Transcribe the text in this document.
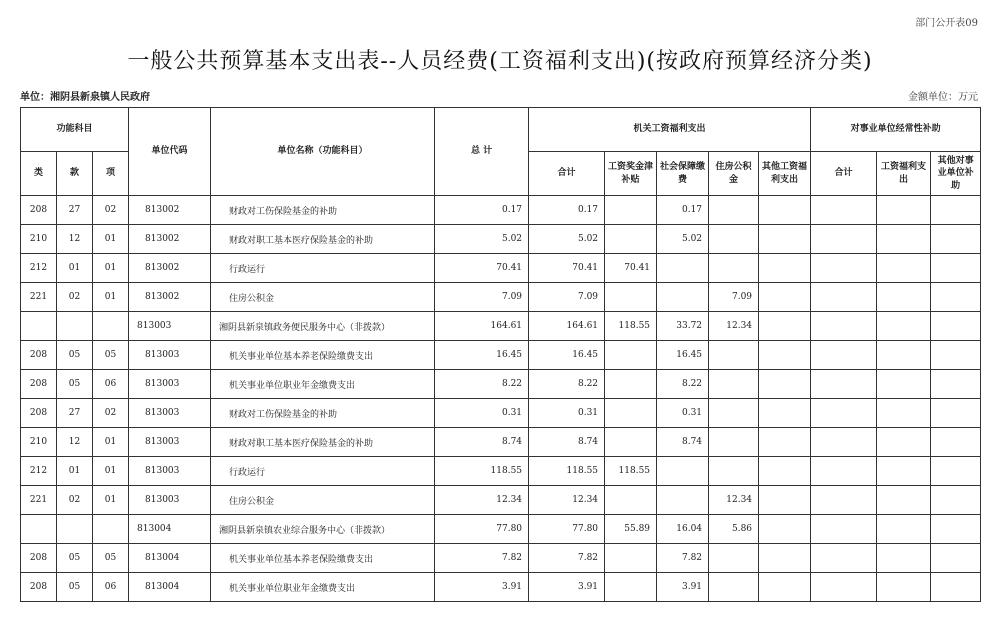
部门公开表09
一般公共预算基本支出表--人员经费(工资福利支出)(按政府预算经济分类)
单位：湘阴县新泉镇人民政府	金额单位：万元
功能科目			单位代码	单位名称（功能科目）	总 计	机关工资福利支出					对事业单位经常性补助		
类	款	项				合计	工资奖金津补贴	社会保障缴费	住房公积金	其他工资福利支出	合计	工资福利支出	其他对事业单位补助
208	27	02	813002	财政对工伤保险基金的补助	0.17	0.17		0.17					
210	12	01	813002	财政对职工基本医疗保险基金的补助	5.02	5.02		5.02					
212	01	01	813002	行政运行	70.41	70.41	70.41						
221	02	01	813002	住房公积金	7.09	7.09			7.09				
			813003	湘阴县新泉镇政务便民服务中心（非拨款）	164.61	164.61	118.55	33.72	12.34				
208	05	05	813003	机关事业单位基本养老保险缴费支出	16.45	16.45		16.45					
208	05	06	813003	机关事业单位职业年金缴费支出	8.22	8.22		8.22					
208	27	02	813003	财政对工伤保险基金的补助	0.31	0.31		0.31					
210	12	01	813003	财政对职工基本医疗保险基金的补助	8.74	8.74		8.74					
212	01	01	813003	行政运行	118.55	118.55	118.55						
221	02	01	813003	住房公积金	12.34	12.34			12.34				
			813004	湘阴县新泉镇农业综合服务中心（非拨款）	77.80	77.80	55.89	16.04	5.86				
208	05	05	813004	机关事业单位基本养老保险缴费支出	7.82	7.82		7.82					
208	05	06	813004	机关事业单位职业年金缴费支出	3.91	3.91		3.91					
